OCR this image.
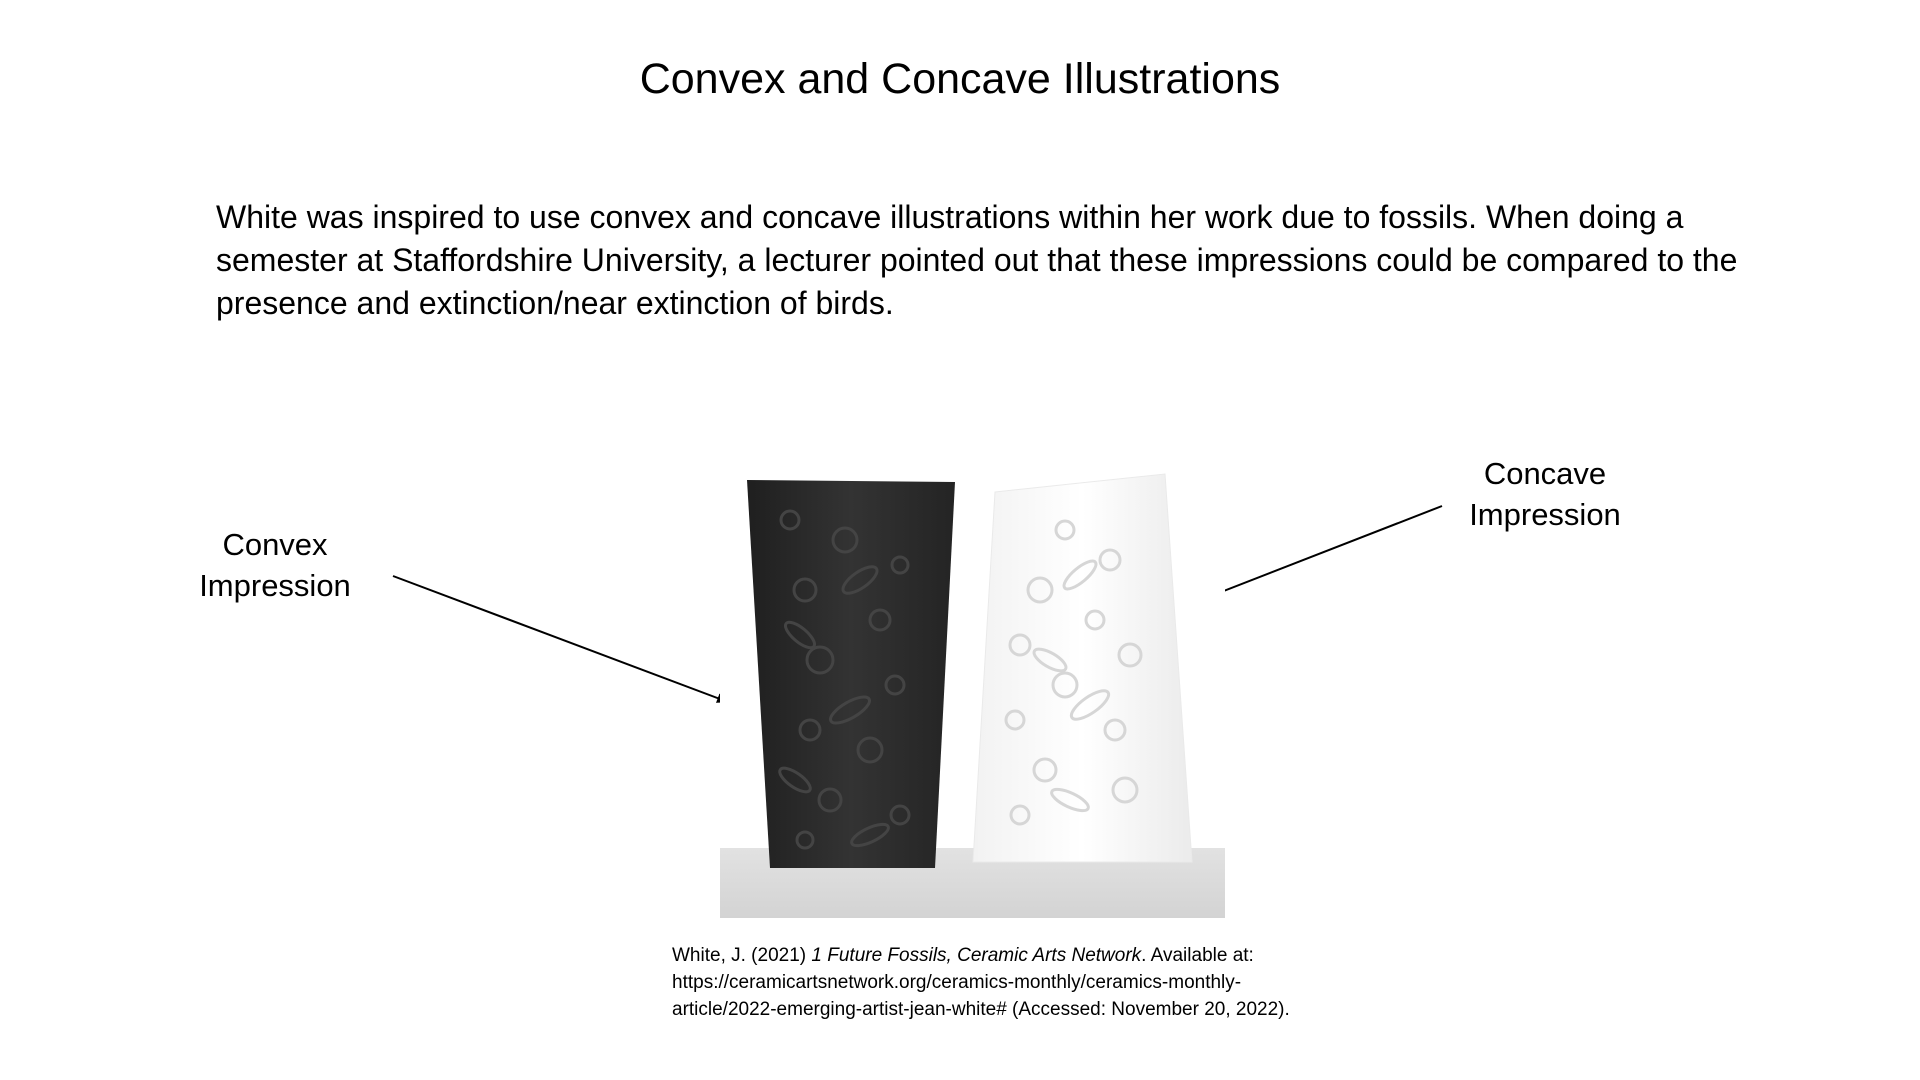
Convex and Concave Illustrations

White was inspired to use convex and concave illustrations within her work due to fossils. When doing a semester at Staffordshire University, a lecturer pointed out that these impressions could be compared to the presence and extinction/near extinction of birds.

Convex
Impression
Concave
Impression

White, J. (2021) 1 Future Fossils, Ceramic Arts Network. Available at:
https://ceramicartsnetwork.org/ceramics-monthly/ceramics-monthly-
article/2022-emerging-artist-jean-white# (Accessed: November 20, 2022).
